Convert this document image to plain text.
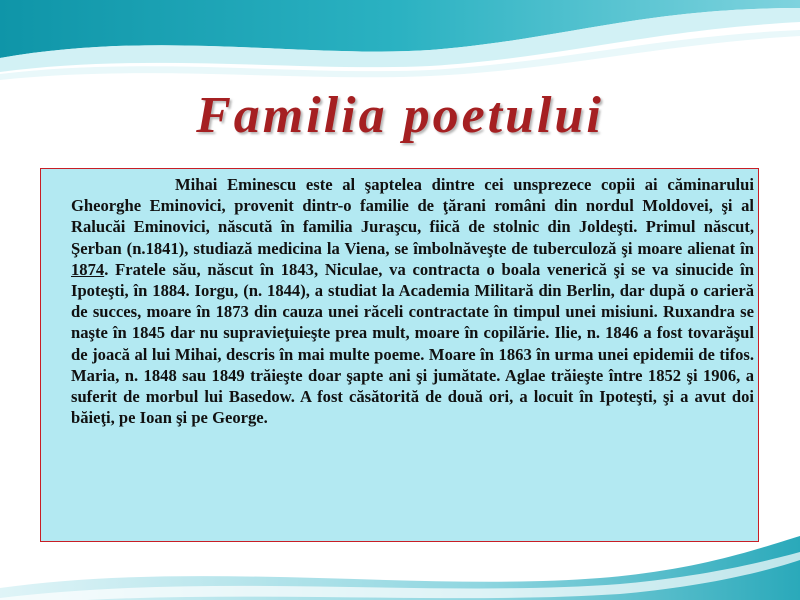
Familia poetului

Mihai Eminescu este al şaptelea dintre cei unsprezece copii ai căminarului Gheorghe Eminovici, provenit dintr-o familie de ţărani români din nordul Moldovei, şi al Ralucăi Eminovici, născută în familia Juraşcu, fiică de stolnic din Joldeşti. Primul născut, Şerban (n.1841), studiază medicina la Viena, se îmbolnăveşte de tuberculoză şi moare alienat în 1874. Fratele său, născut în 1843, Niculae, va contracta o boala venerică şi se va sinucide în Ipoteşti, în 1884. Iorgu, (n. 1844), a studiat la Academia Militară din Berlin, dar după o carieră de succes, moare în 1873 din cauza unei răceli contractate în timpul unei misiuni. Ruxandra se naşte în 1845 dar nu supravieţuieşte prea mult, moare în copilărie. Ilie, n. 1846 a fost tovarăşul de joacă al lui Mihai, descris în mai multe poeme. Moare în 1863 în urma unei epidemii de tifos. Maria, n. 1848 sau 1849 trăieşte doar şapte ani şi jumătate. Aglae trăieşte între 1852 şi 1906, a suferit de morbul lui Basedow. A fost căsătorită de două ori, a locuit în Ipoteşti, şi a avut doi băieţi, pe Ioan şi pe George.
